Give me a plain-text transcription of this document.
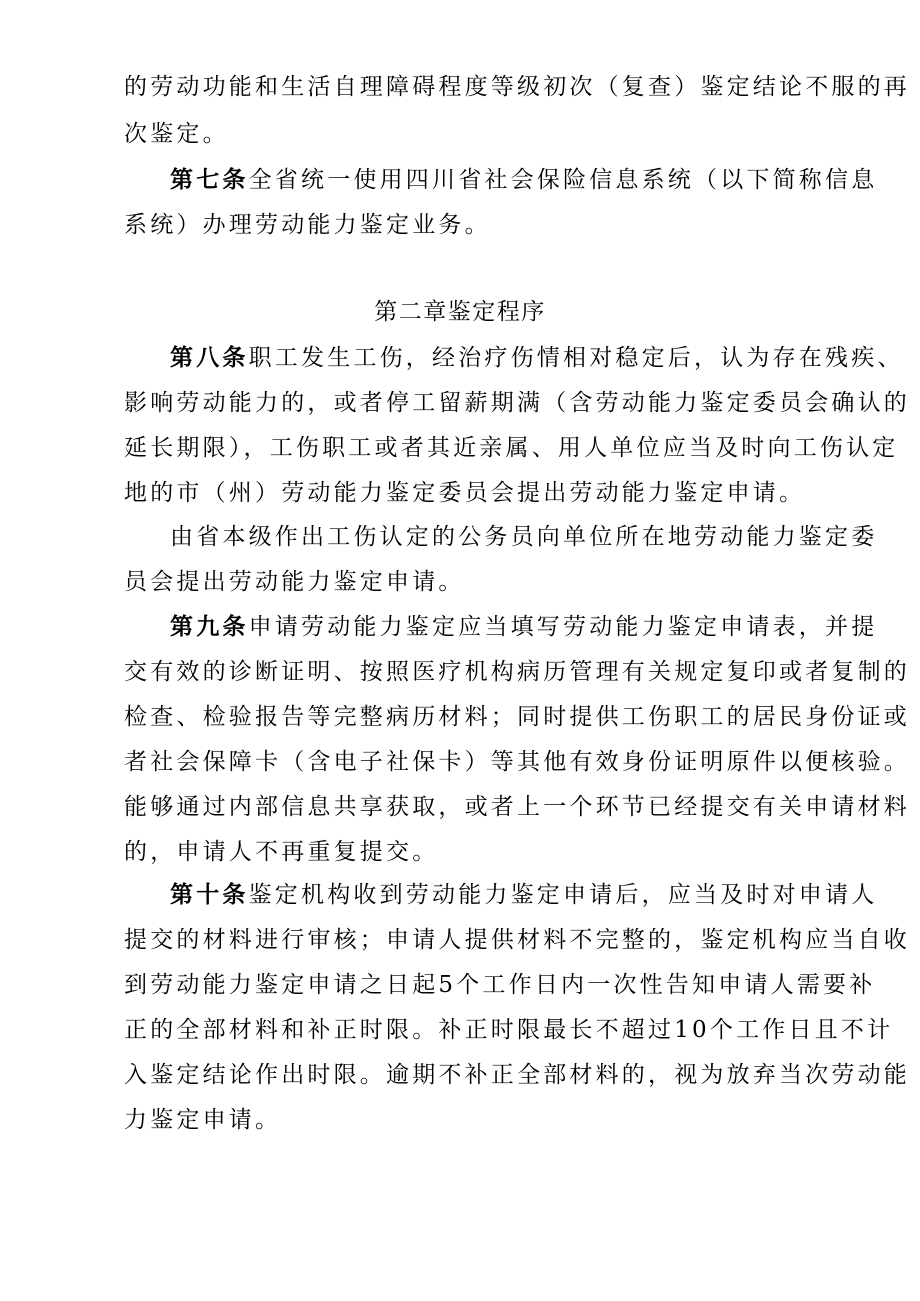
的劳动功能和生活自理障碍程度等级初次（复查）鉴定结论不服的再
次鉴定。
第七条全省统一使用四川省社会保险信息系统（以下简称信息
系统）办理劳动能力鉴定业务。
第二章鉴定程序
第八条职工发生工伤，经治疗伤情相对稳定后，认为存在残疾、
影响劳动能力的，或者停工留薪期满（含劳动能力鉴定委员会确认的
延长期限），工伤职工或者其近亲属、用人单位应当及时向工伤认定
地的市（州）劳动能力鉴定委员会提出劳动能力鉴定申请。
由省本级作出工伤认定的公务员向单位所在地劳动能力鉴定委
员会提出劳动能力鉴定申请。
第九条申请劳动能力鉴定应当填写劳动能力鉴定申请表，并提
交有效的诊断证明、按照医疗机构病历管理有关规定复印或者复制的
检查、检验报告等完整病历材料；同时提供工伤职工的居民身份证或
者社会保障卡（含电子社保卡）等其他有效身份证明原件以便核验。
能够通过内部信息共享获取，或者上一个环节已经提交有关申请材料
的，申请人不再重复提交。
第十条鉴定机构收到劳动能力鉴定申请后，应当及时对申请人
提交的材料进行审核；申请人提供材料不完整的，鉴定机构应当自收
到劳动能力鉴定申请之日起5个工作日内一次性告知申请人需要补
正的全部材料和补正时限。补正时限最长不超过10个工作日且不计
入鉴定结论作出时限。逾期不补正全部材料的，视为放弃当次劳动能
力鉴定申请。
